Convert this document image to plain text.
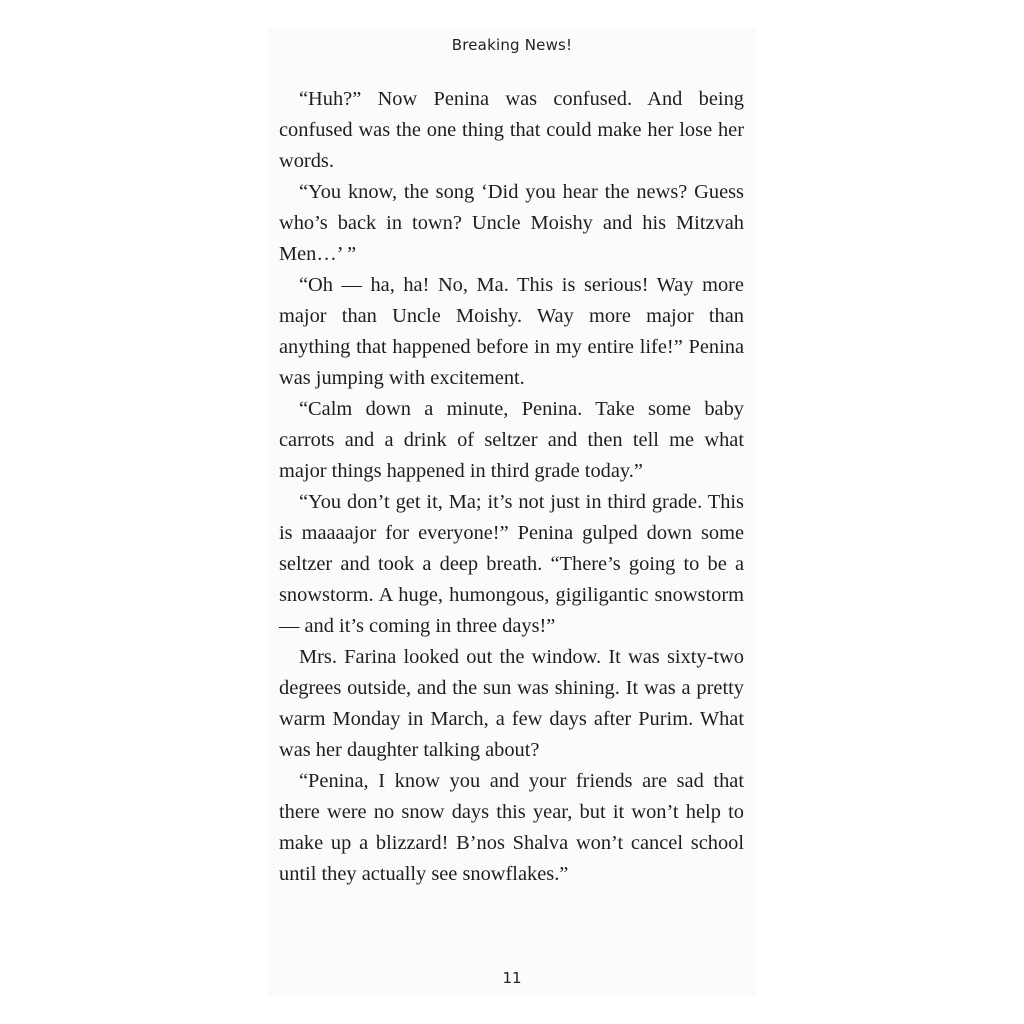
Breaking News!

“Huh?” Now Penina was confused. And being confused was the one thing that could make her lose her words.

“You know, the song ‘Did you hear the news? Guess who’s back in town? Uncle Moishy and his Mitzvah Men…’ ”

“Oh — ha, ha! No, Ma. This is serious! Way more major than Uncle Moishy. Way more major than anything that happened before in my entire life!” Penina was jumping with excitement.

“Calm down a minute, Penina. Take some baby carrots and a drink of seltzer and then tell me what major things happened in third grade today.”

“You don’t get it, Ma; it’s not just in third grade. This is maaaajor for everyone!” Penina gulped down some seltzer and took a deep breath. “There’s going to be a snowstorm. A huge, humongous, gigiligantic snowstorm — and it’s coming in three days!”

Mrs. Farina looked out the window. It was sixty-two degrees outside, and the sun was shining. It was a pretty warm Monday in March, a few days after Purim. What was her daughter talking about?

“Penina, I know you and your friends are sad that there were no snow days this year, but it won’t help to make up a blizzard! B’nos Shalva won’t cancel school until they actually see snowflakes.”

11
